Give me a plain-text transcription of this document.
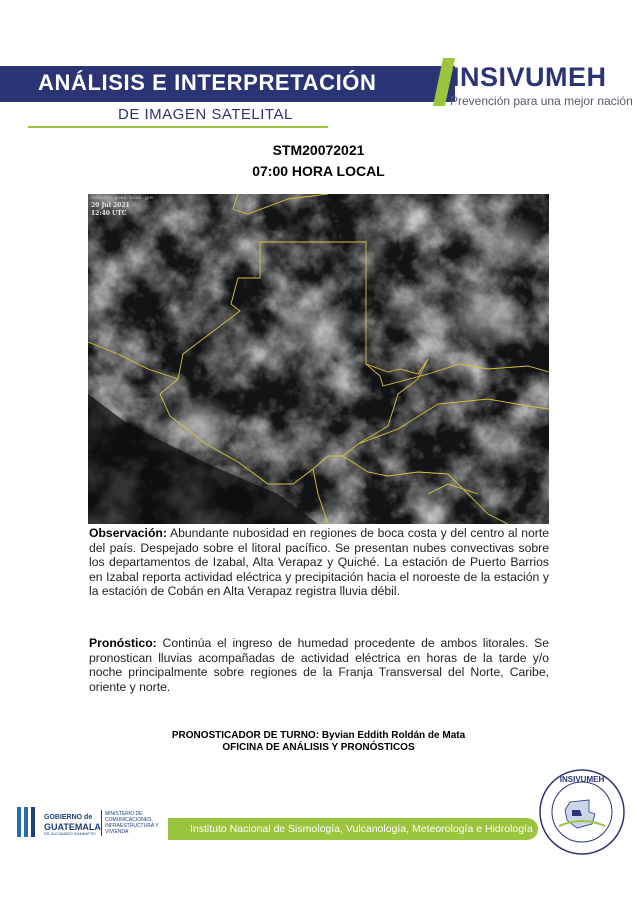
ANÁLISIS E INTERPRETACIÓN
DE IMAGEN SATELITAL
INSIVUMEH
Prevención para una mejor nación
STM20072021
07:00 HORA LOCAL
weather. goes. noaa. gov
20 Jul 2021
12:40 UTC
Observación: Abundante nubosidad en regiones de boca costa y del centro al norte del país. Despejado sobre el litoral pacífico. Se presentan nubes convectivas sobre los departamentos de Izabal, Alta Verapaz y Quiché. La estación de Puerto Barrios en Izabal reporta actividad eléctrica y precipitación hacia el noroeste de la estación y la estación de Cobán en Alta Verapaz registra lluvia débil.
Pronóstico: Continúa el ingreso de humedad procedente de ambos litorales. Se pronostican lluvias acompañadas de actividad eléctrica en horas de la tarde y/o noche principalmente sobre regiones de la Franja Transversal del Norte, Caribe, oriente y norte.
PRONOSTICADOR DE TURNO: Byvian Eddith Roldán de Mata
OFICINA DE ANÁLISIS Y PRONÓSTICOS
GOBIERNO de
GUATEMALA
DR. ALEJANDRO GIAMMATTEI
MINISTERIO DE COMUNICACIONES, INFRAESTRUCTURA Y VIVIENDA	Instituto Nacional de Sismología, Vulcanología, Meteorología e Hidrología
INSIVUMEH
